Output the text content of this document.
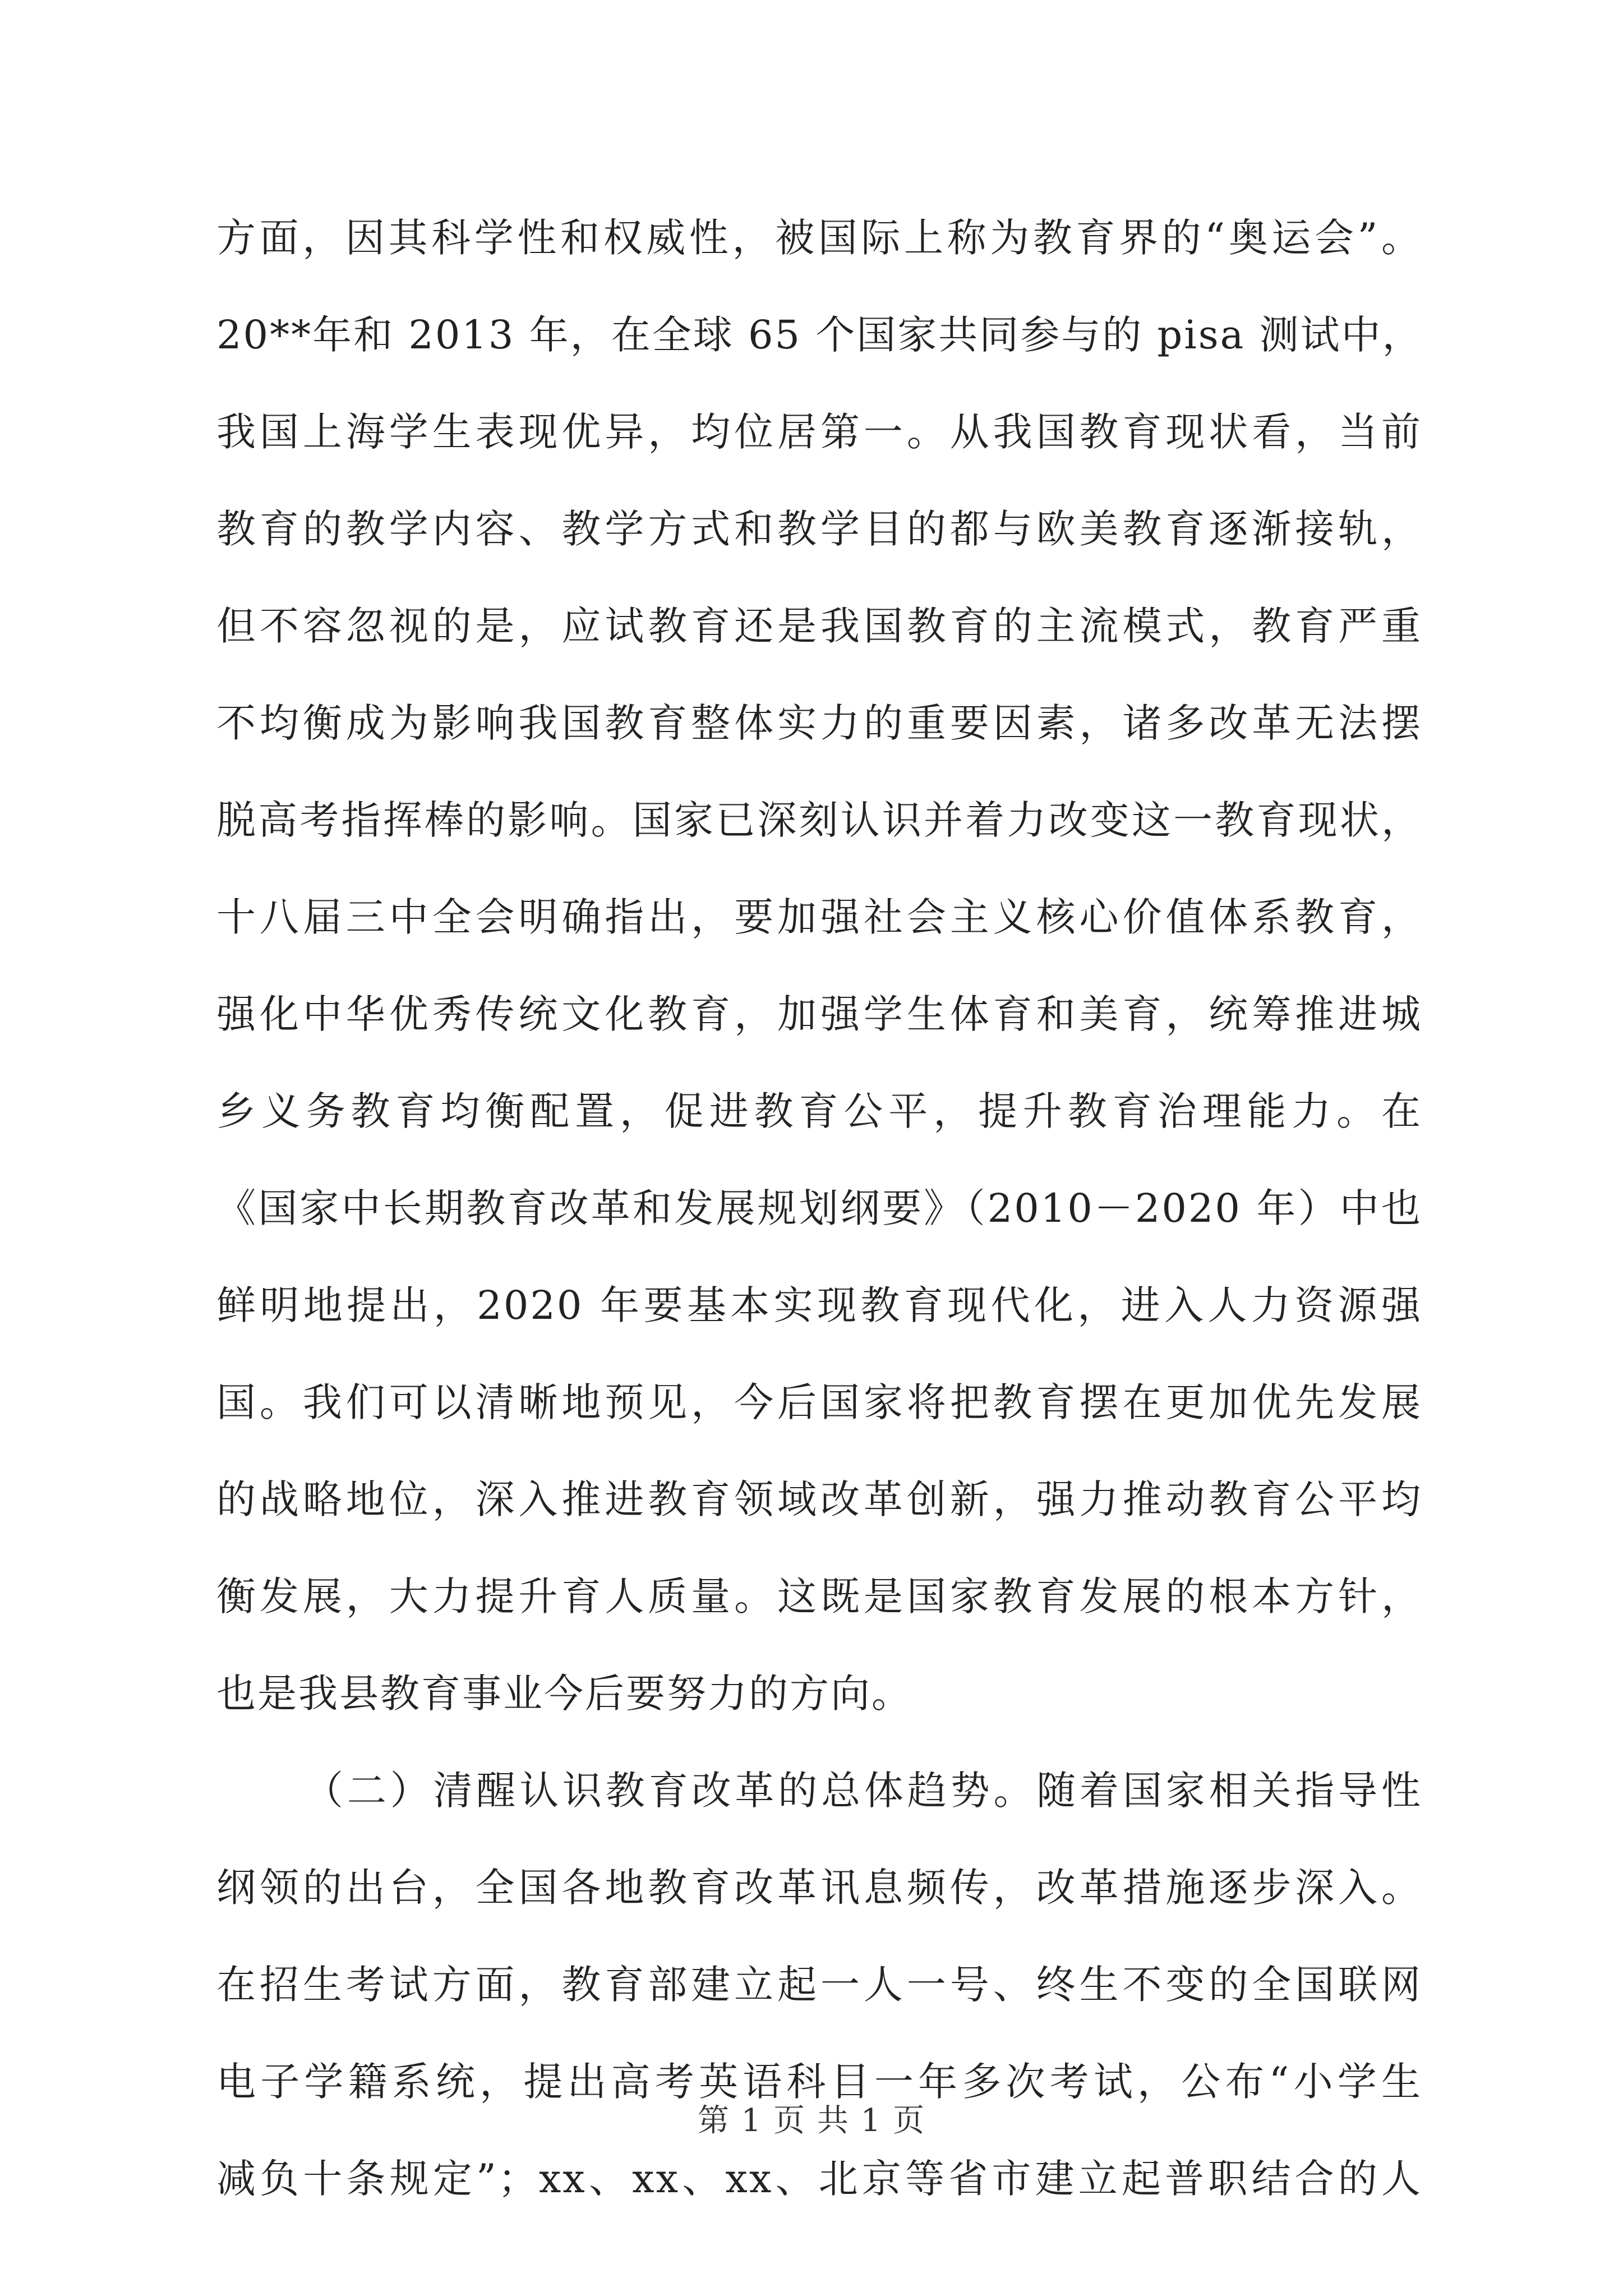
方面，因其科学性和权威性，被国际上称为教育界的“奥运会”。
20**年和 2013 年，在全球 65 个国家共同参与的 pisa 测试中，
我国上海学生表现优异，均位居第一。从我国教育现状看，当前
教育的教学内容、教学方式和教学目的都与欧美教育逐渐接轨，
但不容忽视的是，应试教育还是我国教育的主流模式，教育严重
不均衡成为影响我国教育整体实力的重要因素，诸多改革无法摆
脱高考指挥棒的影响。国家已深刻认识并着力改变这一教育现状，
十八届三中全会明确指出，要加强社会主义核心价值体系教育，
强化中华优秀传统文化教育，加强学生体育和美育，统筹推进城
乡义务教育均衡配置，促进教育公平，提升教育治理能力。在
《国家中长期教育改革和发展规划纲要》（2010－2020 年）中也
鲜明地提出，2020 年要基本实现教育现代化，进入人力资源强
国。我们可以清晰地预见，今后国家将把教育摆在更加优先发展
的战略地位，深入推进教育领域改革创新，强力推动教育公平均
衡发展，大力提升育人质量。这既是国家教育发展的根本方针，
也是我县教育事业今后要努力的方向。
（二）清醒认识教育改革的总体趋势。随着国家相关指导性
纲领的出台，全国各地教育改革讯息频传，改革措施逐步深入。
在招生考试方面，教育部建立起一人一号、终生不变的全国联网
电子学籍系统，提出高考英语科目一年多次考试，公布“小学生
减负十条规定”；xx、xx、xx、北京等省市建立起普职结合的人
第 1 页 共 1 页
